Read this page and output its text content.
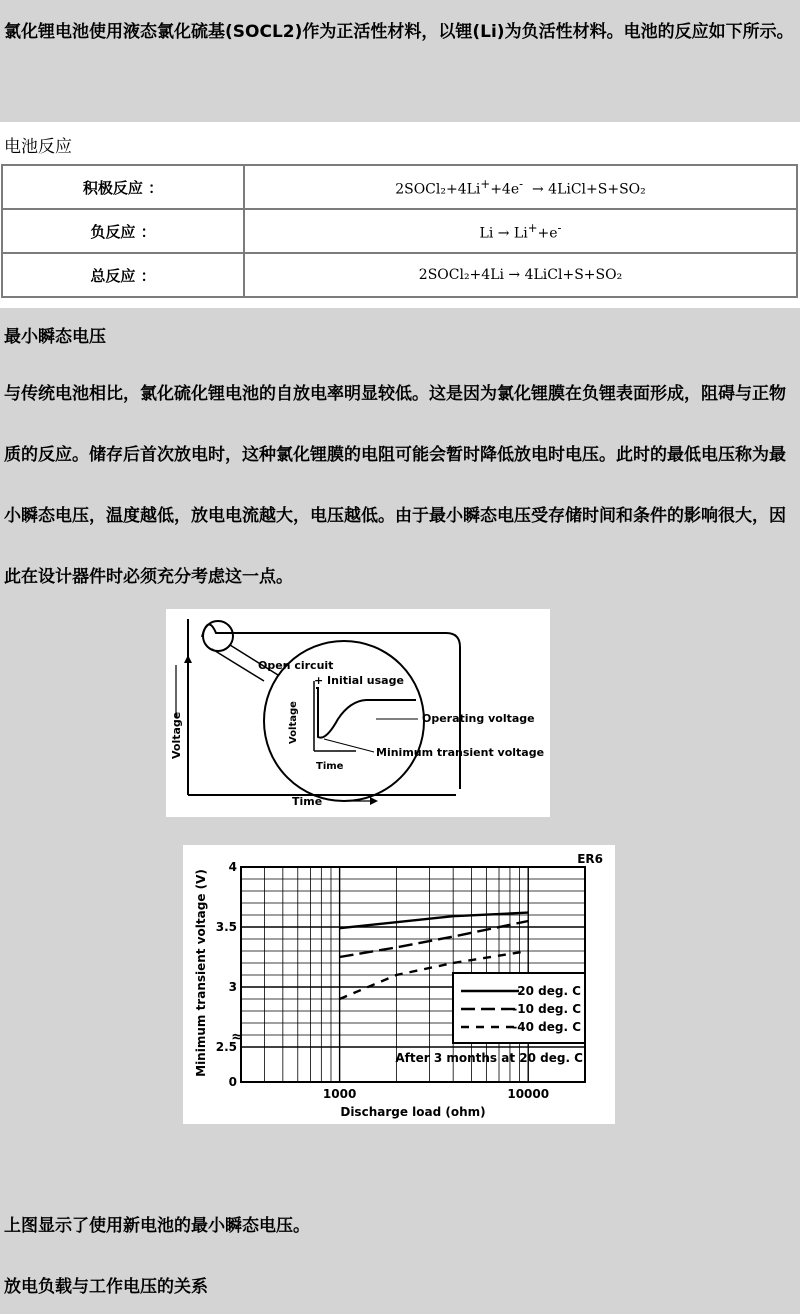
氯化锂电池使用液态氯化硫基(SOCL2)作为正活性材料，以锂(Li)为负活性材料。电池的反应如下所示。

电池反应
积极反应 ：	2SOCl₂+4Li++4e- → 4LiCl+S+SO₂
负反应 ：	Li → Li++e-
总反应 ：	2SOCl₂+4Li → 4LiCl+S+SO₂
最小瞬态电压

与传统电池相比，氯化硫化锂电池的自放电率明显较低。这是因为氯化锂膜在负锂表面形成，阻碍与正物质的反应。储存后首次放电时，这种氯化锂膜的电阻可能会暂时降低放电时电压。此时的最低电压称为最小瞬态电压，温度越低，放电电流越大，电压越低。由于最小瞬态电压受存储时间和条件的影响很大，因此在设计器件时必须充分考虑这一点。

Voltage
Time
Open circuit
+ Initial usage
Operating voltage
Minimum transient voltage
Voltage
Time
0
2.5
3
3.5
4
1000	10000
20 deg. C
-10 deg. C
-40 deg. C
ER6
Discharge load (ohm)
Minimum transient voltage (V)	After 3 months at 20 deg. C
≈

上图显示了使用新电池的最小瞬态电压。

放电负载与工作电压的关系
